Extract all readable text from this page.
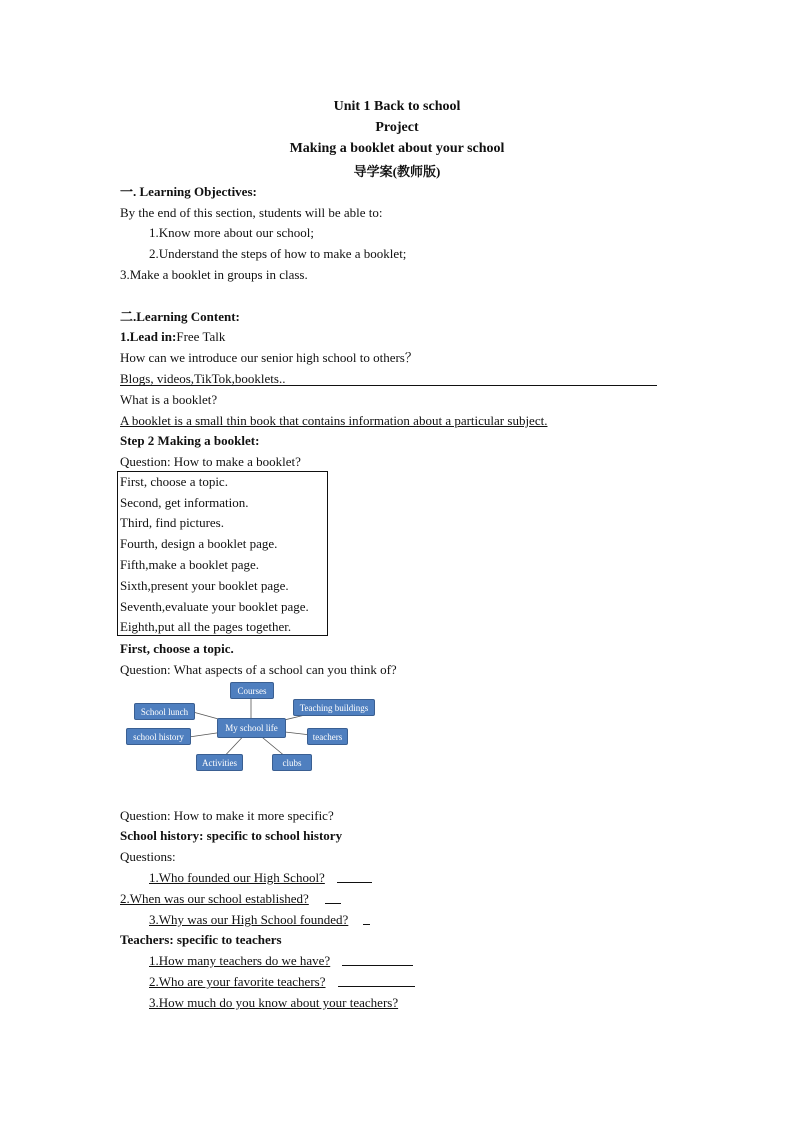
Unit 1 Back to school
Project
Making a booklet about your school
导学案(教师版)
一. Learning Objectives:
By the end of this section, students will be able to:
1.Know more about our school;
2.Understand the steps of how to make a booklet;
3.Make a booklet in groups in class.
二.Learning Content:
1.Lead in:Free Talk
How can we introduce our senior high school to others？
Blogs, videos,TikTok,booklets..
What is a booklet?
A booklet is a small thin book that contains information about a particular subject.
Step 2 Making a booklet:
Question: How to make a booklet?
First, choose a topic.
Second, get information.
Third, find pictures.
Fourth, design a booklet page.
Fifth,make a booklet page.
Sixth,present your booklet page.
Seventh,evaluate your booklet page.
Eighth,put all the pages together.
First, choose a topic.
Question: What aspects of a school can you think of?
Courses
School lunch	Teaching buildings
My school life
school history	teachers
Activities	clubs
Question: How to make it more specific?
School history: specific to school history
Questions:
1.Who founded our High School?
2.When was our school established?
3.Why was our High School founded?
Teachers: specific to teachers
1.How many teachers do we have?
2.Who are your favorite teachers?
3.How much do you know about your teachers?
